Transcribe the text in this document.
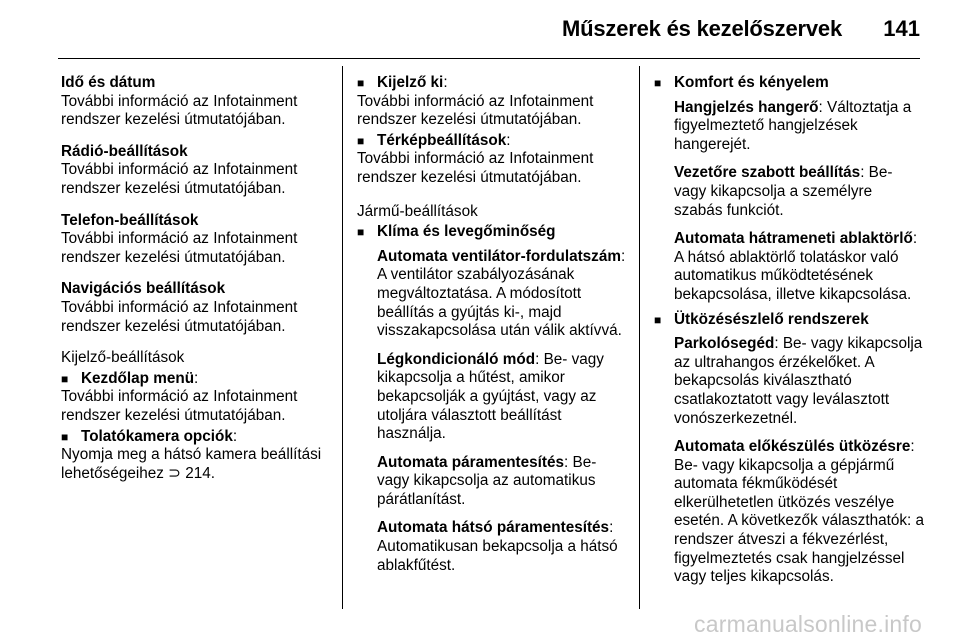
Műszerek és kezelőszervek 141

Idő és dátum

További információ az Infotainment rendszer kezelési útmutatójában.

Rádió-beállítások

További információ az Infotainment rendszer kezelési útmutatójában.

Telefon-beállítások

További információ az Infotainment rendszer kezelési útmutatójában.

Navigációs beállítások

További információ az Infotainment rendszer kezelési útmutatójában.

Kijelző-beállítások

■ Kezdőlap menü:

További információ az Infotainment rendszer kezelési útmutatójában.

■ Tolatókamera opciók:

Nyomja meg a hátsó kamera beállítási lehetőségeihez ⊃ 214.

■ Kijelző ki:

További információ az Infotainment rendszer kezelési útmutatójában.

■ Térképbeállítások:

További információ az Infotainment rendszer kezelési útmutatójában.

Jármű-beállítások

■ Klíma és levegőminőség

Automata ventilátor-fordulatszám: A ventilátor szabályozásának megváltoztatása. A módosított beállítás a gyújtás ki-, majd visszakapcsolása után válik aktívvá.

Légkondicionáló mód: Be- vagy kikapcsolja a hűtést, amikor bekapcsolják a gyújtást, vagy az utoljára választott beállítást használja.

Automata páramentesítés: Be- vagy kikapcsolja az automatikus párátlanítást.

Automata hátsó páramentesítés: Automatikusan bekapcsolja a hátsó ablakfűtést.

■ Komfort és kényelem

Hangjelzés hangerő: Változtatja a figyelmeztető hangjelzések hangerejét.

Vezetőre szabott beállítás: Be- vagy kikapcsolja a személyre szabás funkciót.

Automata hátrameneti ablaktörlő: A hátsó ablaktörlő tolatáskor való automatikus működtetésének bekapcsolása, illetve kikapcsolása.

■ Ütközésészlelő rendszerek

Parkolósegéd: Be- vagy kikapcsolja az ultrahangos érzékelőket. A bekapcsolás kiválasztható csatlakoztatott vagy leválasztott vonószerkezetnél.

Automata előkészülés ütközésre: Be- vagy kikapcsolja a gépjármű automata fékműködését elkerülhetetlen ütközés veszélye esetén. A következők választhatók: a rendszer átveszi a fékvezérlést, figyelmeztetés csak hangjelzéssel vagy teljes kikapcsolás.

carmanualsonline.info
